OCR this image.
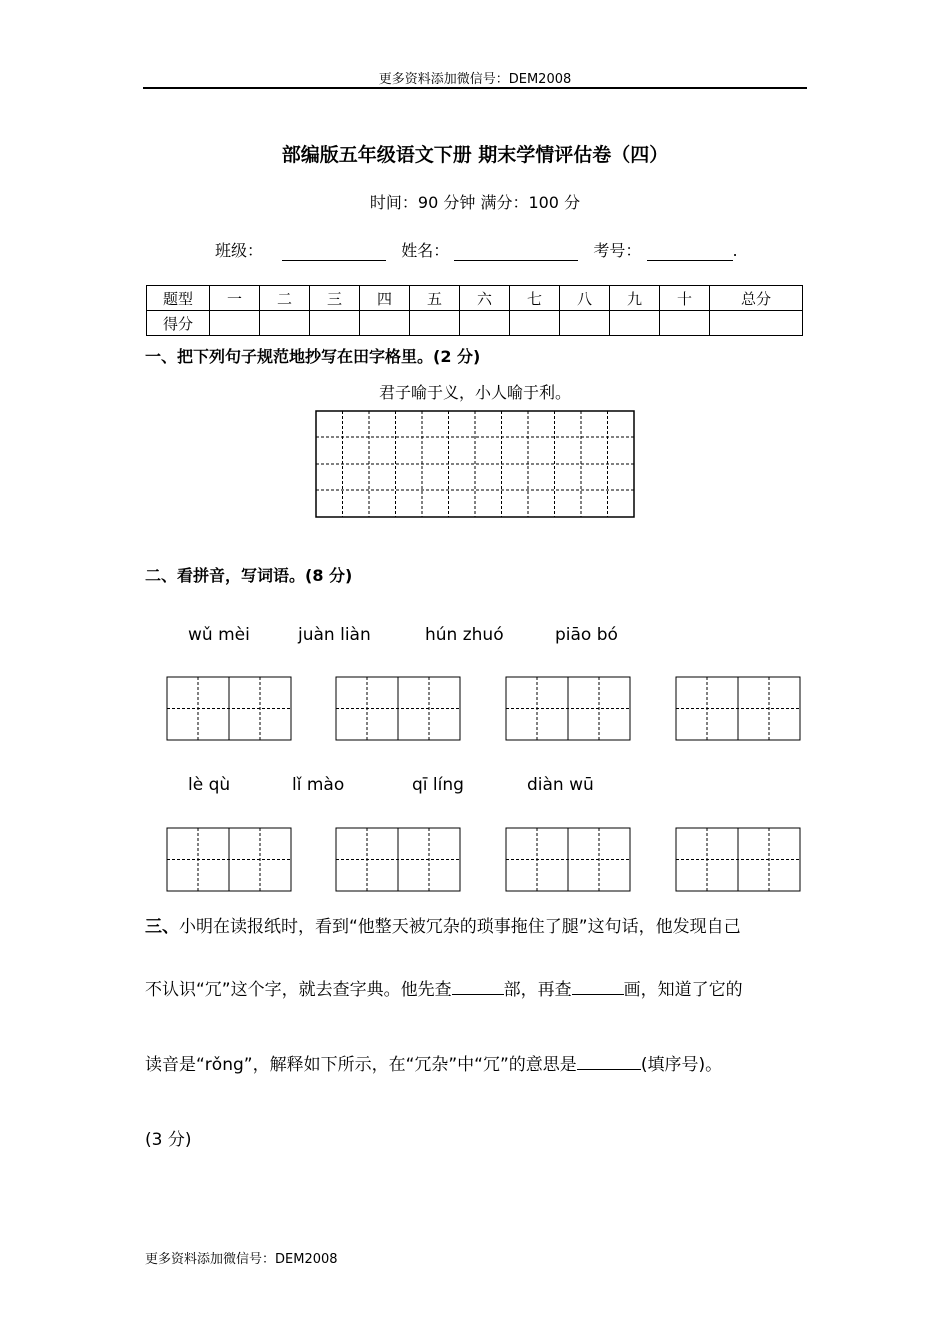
更多资料添加微信号：DEM2008
部编版五年级语文下册 期末学情评估卷（四）
时间：90 分钟 满分：100 分
班级：	姓名：	考号：	.
题型	一	二	三	四	五	六	七	八	九	十	总分
得分											
一、把下列句子规范地抄写在田字格里。(2 分)
君子喻于义，小人喻于利。
二、看拼音，写词语。(8 分)
wǔ mèi	juàn liàn	hún zhuó	piāo bó
lè qù	lǐ mào	qī líng	diàn wū
三、小明在读报纸时，看到“他整天被冗杂的琐事拖住了腿”这句话，他发现自己
不认识“冗”这个字，就去查字典。他先查	部，再查	画，知道了它的
读音是“rǒng”，解释如下所示，在“冗杂”中“冗”的意思是	(填序号)。
(3 分)
更多资料添加微信号：DEM2008
